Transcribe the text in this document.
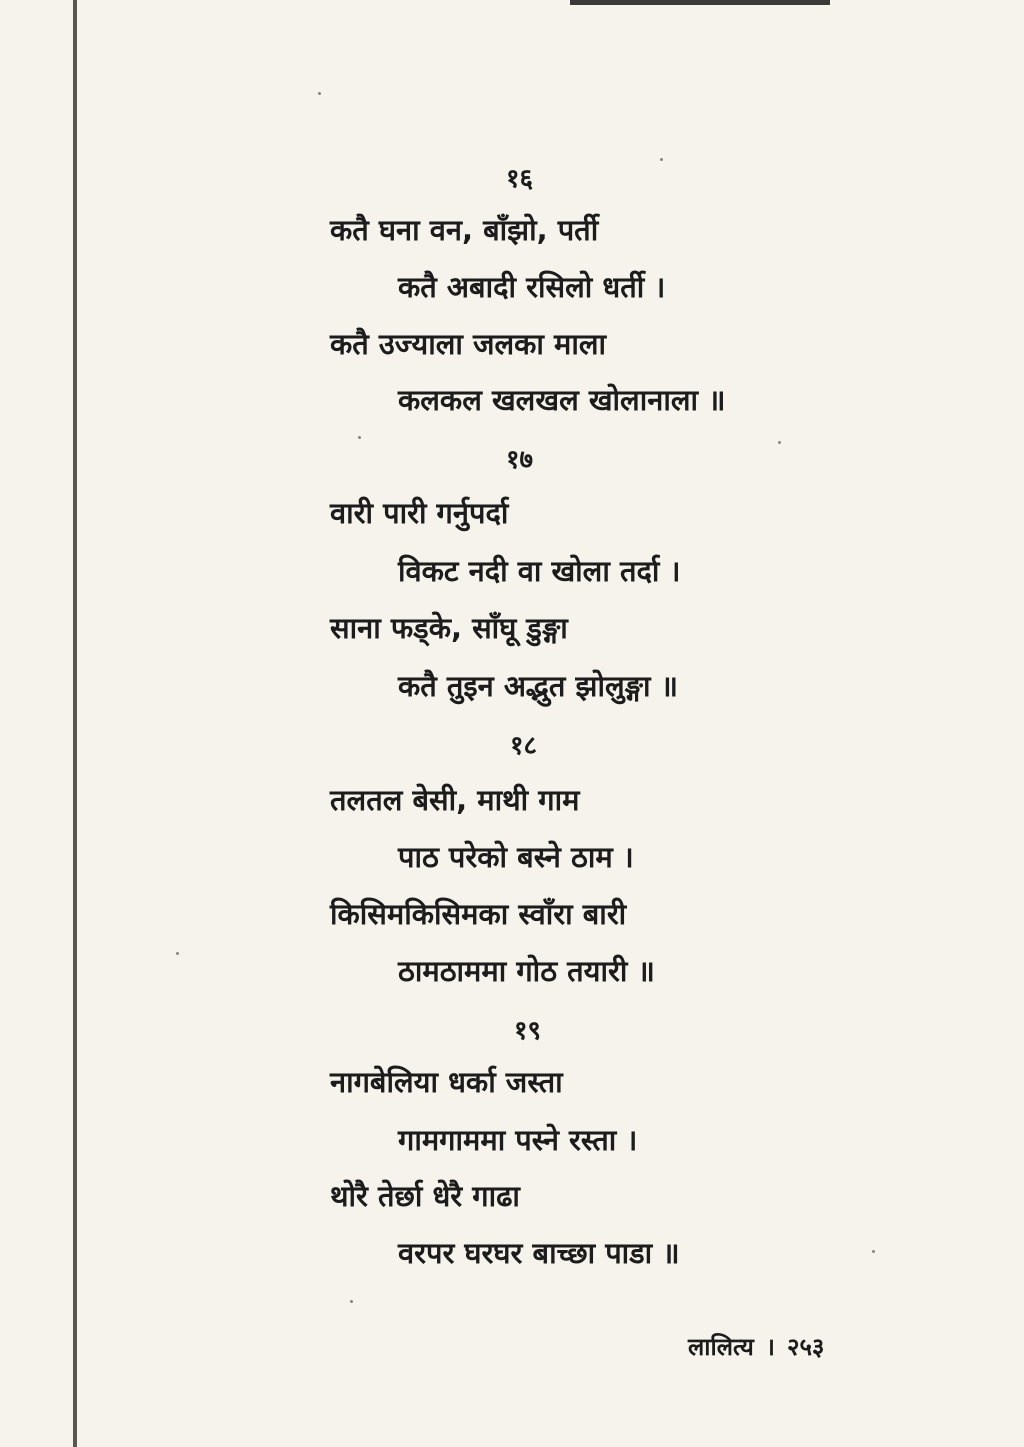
१६
कतै घना वन, बाँझो, पर्ती
कतै अबादी रसिलो धर्ती ।
कतै उज्याला जलका माला
कलकल खलखल खोलानाला ॥
१७
वारी पारी गर्नुपर्दा
विकट नदी वा खोला तर्दा ।
साना फड्के, साँघू डुङ्गा
कतै तुइन अद्भुत झोलुङ्गा ॥
१८
तलतल बेसी, माथी गाम
पाठ परेको बस्ने ठाम ।
किसिमकिसिमका स्वाँरा बारी
ठामठाममा गोठ तयारी ॥
१९
नागबेलिया धर्का जस्ता
गामगाममा पस्ने रस्ता ।
थोरै तेर्छा धेरै गाढा
वरपर घरघर बाच्छा पाडा ॥
लालित्य । २५३
